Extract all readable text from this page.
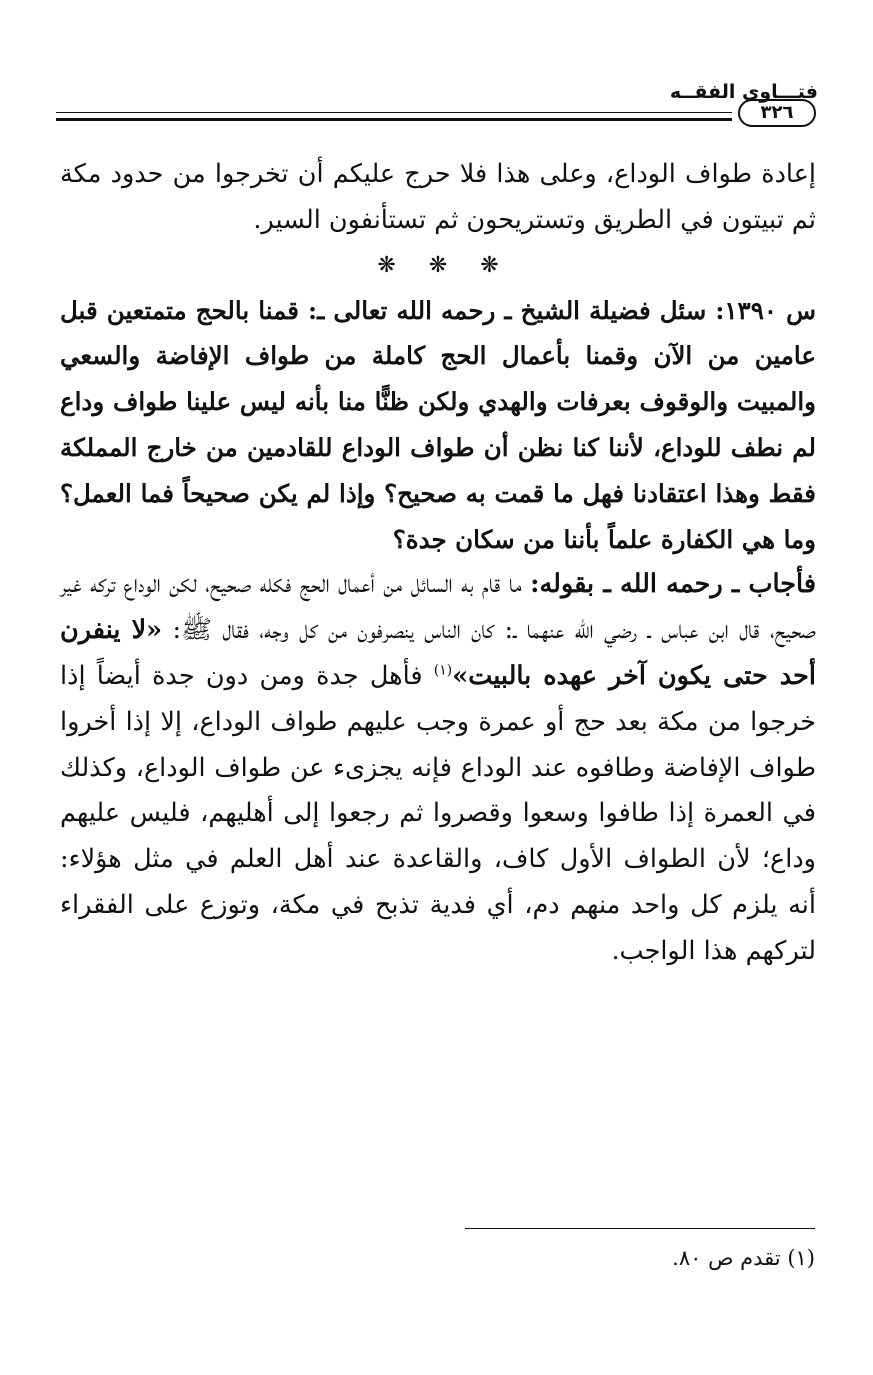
فتـــاوى الفقــه
٣٢٦

إعادة طواف الوداع، وعلى هذا فلا حرج عليكم أن تخرجوا من حدود مكة ثم تبيتون في الطريق وتستريحون ثم تستأنفون السير.

❋ ❋ ❋

س ١٣٩٠: سئل فضيلة الشيخ ـ رحمه الله تعالى ـ: قمنا بالحج متمتعين قبل عامين من الآن وقمنا بأعمال الحج كاملة من طواف الإفاضة والسعي والمبيت والوقوف بعرفات والهدي ولكن ظنًّا منا بأنه ليس علينا طواف وداع لم نطف للوداع، لأننا كنا نظن أن طواف الوداع للقادمين من خارج المملكة فقط وهذا اعتقادنا فهل ما قمت به صحيح؟ وإذا لم يكن صحيحاً فما العمل؟ وما هي الكفارة علماً بأننا من سكان جدة؟

فأجاب ـ رحمه الله ـ بقوله: ما قام به السائل من أعمال الحج فكله صحيح، لكن الوداع تركه غير صحيح، قال ابن عباس ـ رضي الله عنهما ـ: كان الناس ينصرفون من كل وجه، فقال ﷺ: «لا ينفرن أحد حتى يكون آخر عهده بالبيت»$^{(١)}$ فأهل جدة ومن دون جدة أيضاً إذا خرجوا من مكة بعد حج أو عمرة وجب عليهم طواف الوداع، إلا إذا أخروا طواف الإفاضة وطافوه عند الوداع فإنه يجزىء عن طواف الوداع، وكذلك في العمرة إذا طافوا وسعوا وقصروا ثم رجعوا إلى أهليهم، فليس عليهم وداع؛ لأن الطواف الأول كاف، والقاعدة عند أهل العلم في مثل هؤلاء: أنه يلزم كل واحد منهم دم، أي فدية تذبح في مكة، وتوزع على الفقراء لتركهم هذا الواجب.

(١) تقدم ص ٨٠.
